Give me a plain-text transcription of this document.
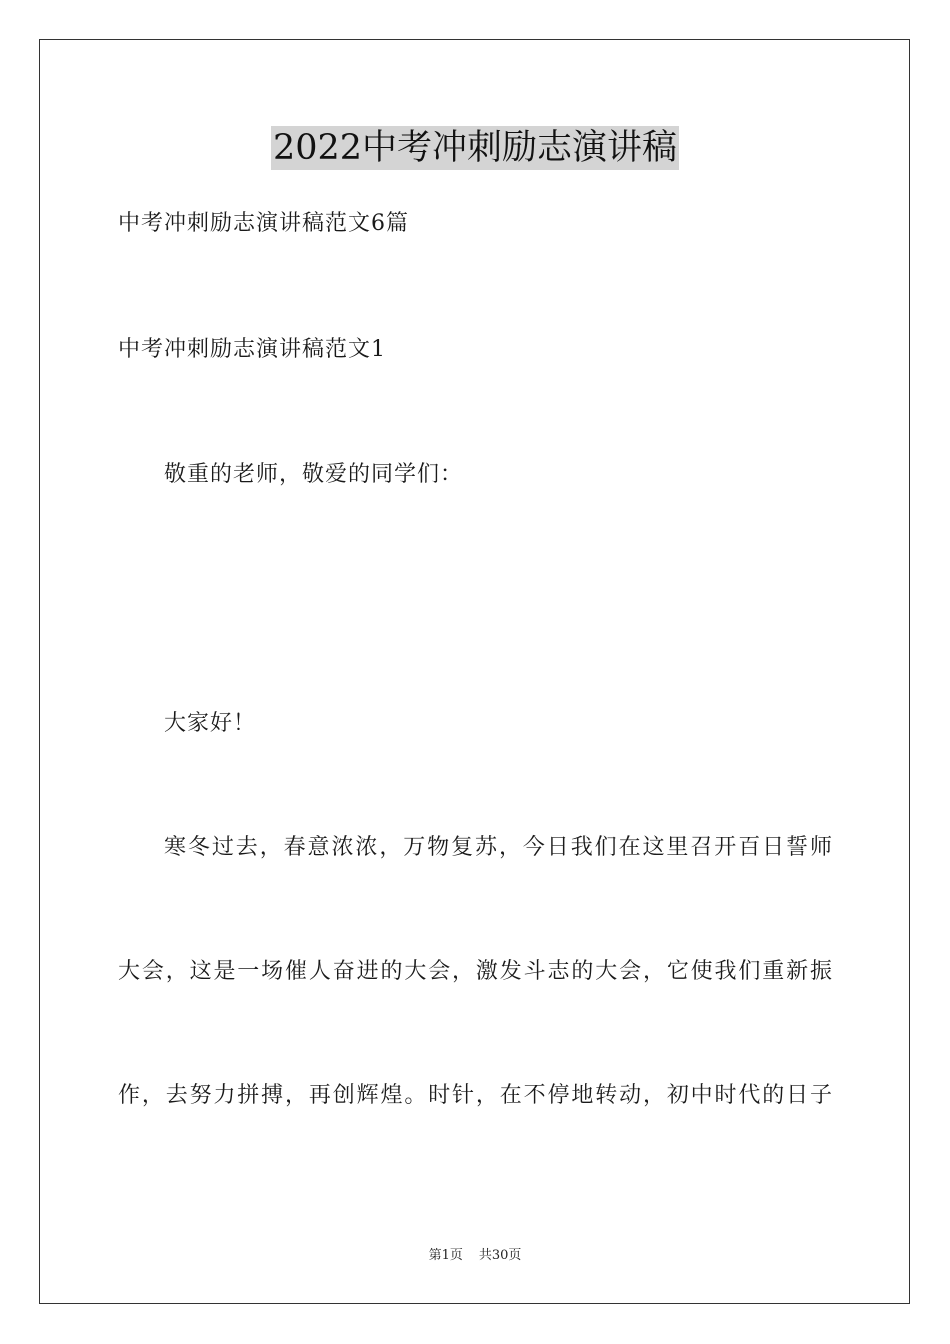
2022中考冲刺励志演讲稿
中考冲刺励志演讲稿范文6篇
中考冲刺励志演讲稿范文1
敬重的老师，敬爱的同学们：
大家好！
寒冬过去，春意浓浓，万物复苏，今日我们在这里召开百日誓师
大会，这是一场催人奋进的大会，激发斗志的大会，它使我们重新振
作，去努力拼搏，再创辉煌。时针，在不停地转动，初中时代的日子
第1页 共30页
